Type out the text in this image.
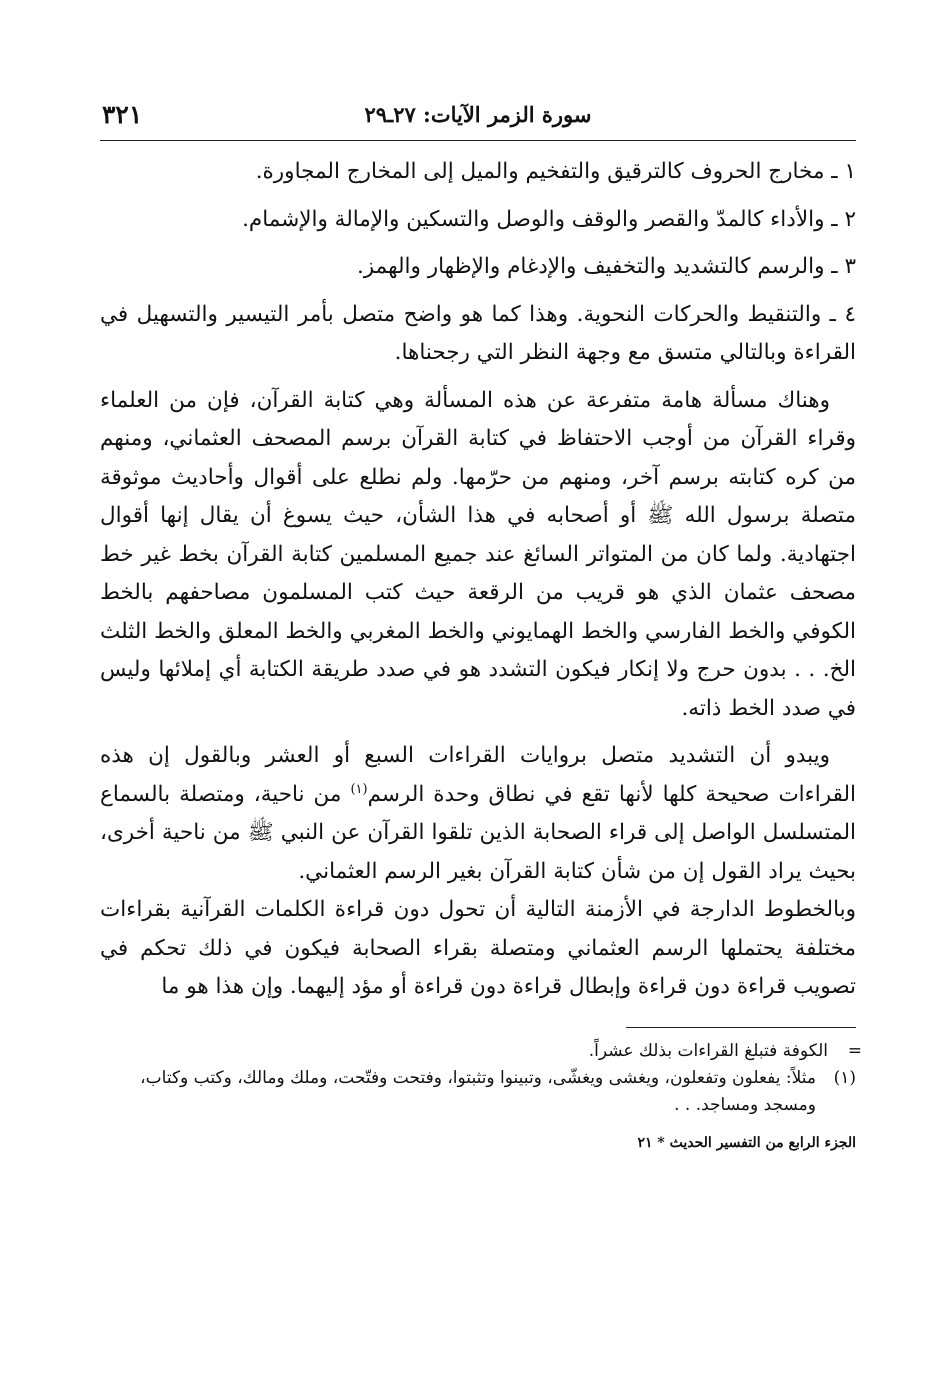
سورة الزمر الآيات: ٢٧ـ٢٩
٣٢١

١ ـ مخارج الحروف كالترقيق والتفخيم والميل إلى المخارج المجاورة.

٢ ـ والأداء كالمدّ والقصر والوقف والوصل والتسكين والإمالة والإشمام.

٣ ـ والرسم كالتشديد والتخفيف والإدغام والإظهار والهمز.

٤ ـ والتنقيط والحركات النحوية. وهذا كما هو واضح متصل بأمر التيسير والتسهيل في القراءة وبالتالي متسق مع وجهة النظر التي رجحناها.

وهناك مسألة هامة متفرعة عن هذه المسألة وهي كتابة القرآن، فإن من العلماء وقراء القرآن من أوجب الاحتفاظ في كتابة القرآن برسم المصحف العثماني، ومنهم من كره كتابته برسم آخر، ومنهم من حرّمها. ولم نطلع على أقوال وأحاديث موثوقة متصلة برسول الله ﷺ أو أصحابه في هذا الشأن، حيث يسوغ أن يقال إنها أقوال اجتهادية. ولما كان من المتواتر السائغ عند جميع المسلمين كتابة القرآن بخط غير خط مصحف عثمان الذي هو قريب من الرقعة حيث كتب المسلمون مصاحفهم بالخط الكوفي والخط الفارسي والخط الهمايوني والخط المغربي والخط المعلق والخط الثلث الخ. . . بدون حرج ولا إنكار فيكون التشدد هو في صدد طريقة الكتابة أي إملائها وليس في صدد الخط ذاته.

ويبدو أن التشديد متصل بروايات القراءات السبع أو العشر وبالقول إن هذه القراءات صحيحة كلها لأنها تقع في نطاق وحدة الرسم$^{(١)}$ من ناحية، ومتصلة بالسماع المتسلسل الواصل إلى قراء الصحابة الذين تلقوا القرآن عن النبي ﷺ من ناحية أخرى، بحيث يراد القول إن من شأن كتابة القرآن بغير الرسم العثماني.

وبالخطوط الدارجة في الأزمنة التالية أن تحول دون قراءة الكلمات القرآنية بقراءات مختلفة يحتملها الرسم العثماني ومتصلة بقراء الصحابة فيكون في ذلك تحكم في تصويب قراءة دون قراءة وإبطال قراءة دون قراءة أو مؤد إليهما. وإن هذا هو ما

=
الكوفة فتبلغ القراءات بذلك عشراً.

(١)
مثلاً: يفعلون وتفعلون، ويغشى ويغشّى، وتبينوا وتثبتوا، وفتحت وفتّحت، وملك ومالك، وكتب وكتاب، ومسجد ومساجد. . .

الجزء الرابع من التفسير الحديث * ٢١
